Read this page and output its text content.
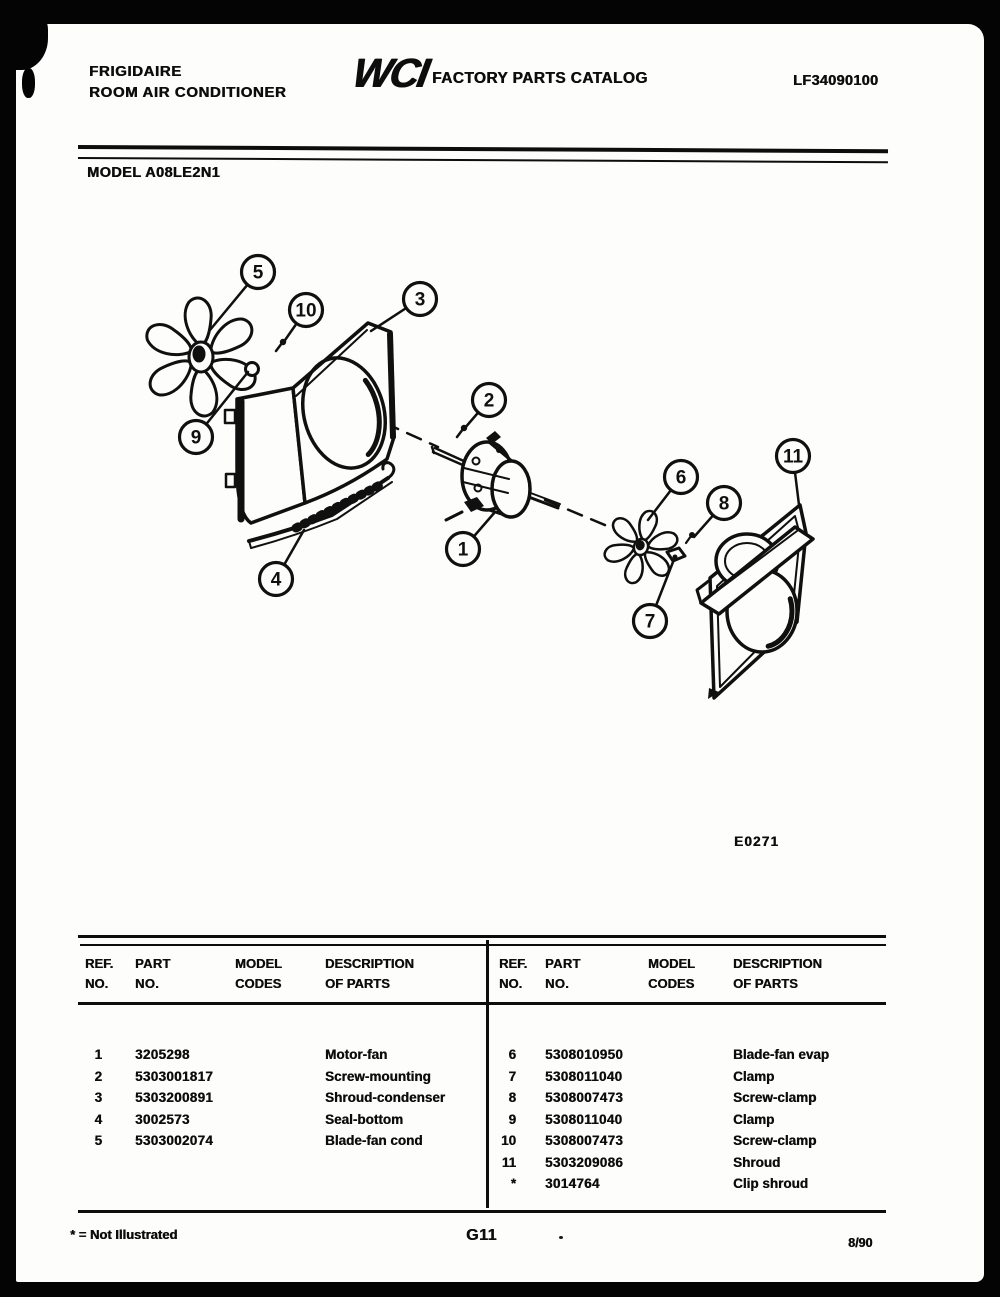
FRIGIDAIRE
ROOM AIR CONDITIONER WCI FACTORY PARTS CATALOG	LF34090100
MODEL A08LE2N1
1
2
3
4
5
6
7
8
9
10
11
E0271
REF.
NO.
PART
NO.
MODEL
CODES
DESCRIPTION
OF PARTS
1	3205298	Motor-fan
2	5303001817	Screw-mounting
3	5303200891	Shroud-condenser
4	3002573	Seal-bottom
5	5303002074	Blade-fan cond
REF.
NO.
PART
NO.
MODEL
CODES
DESCRIPTION
OF PARTS
6	5308010950	Blade-fan evap
7	5308011040	Clamp
8	5308007473	Screw-clamp
9	5308011040	Clamp
10	5308007473	Screw-clamp
11	5303209086	Shroud
*	3014764	Clip shroud
* = Not Illustrated	G11	8/90
